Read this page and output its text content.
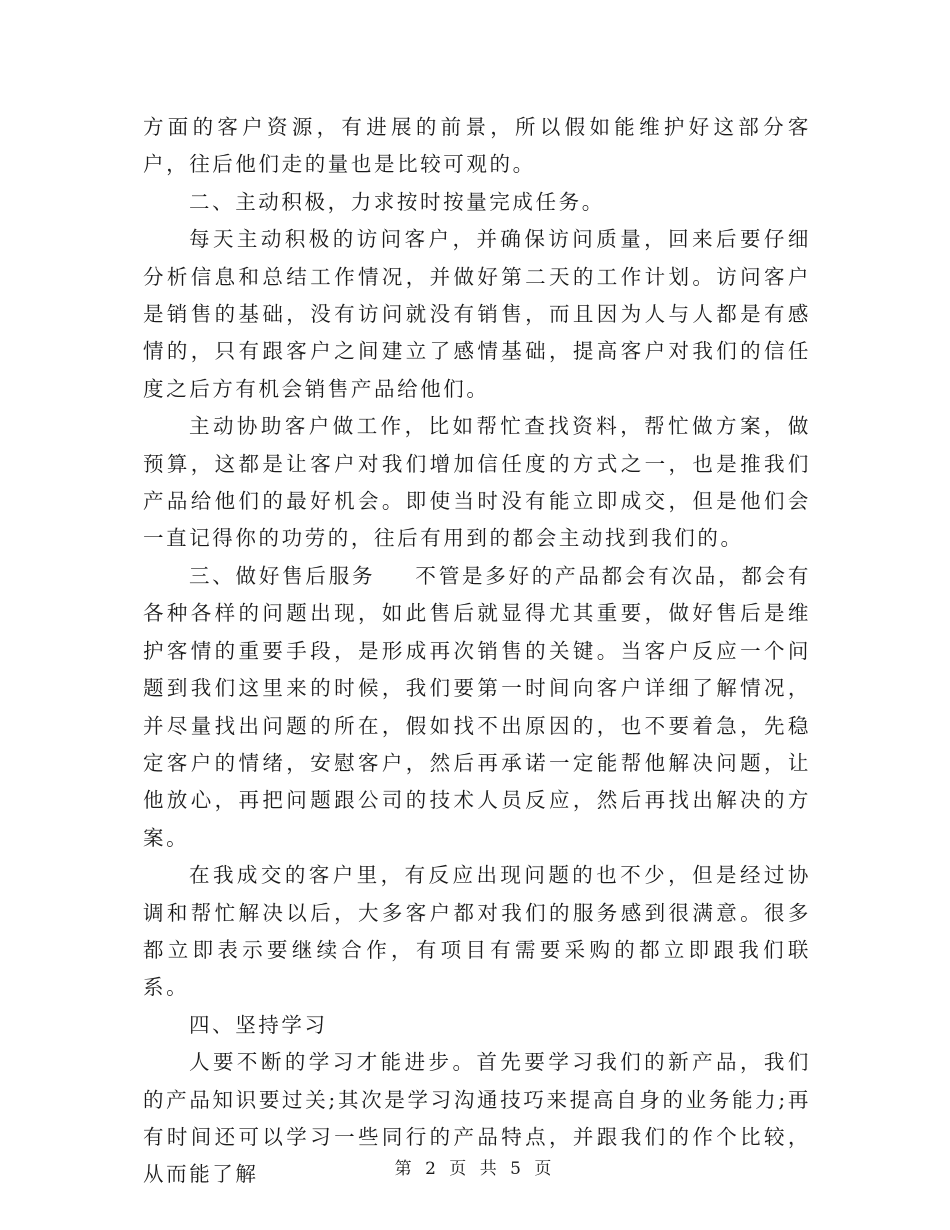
方面的客户资源，有进展的前景，所以假如能维护好这部分客户，往后他们走的量也是比较可观的。

二、主动积极，力求按时按量完成任务。

每天主动积极的访问客户，并确保访问质量，回来后要仔细分析信息和总结工作情况，并做好第二天的工作计划。访问客户是销售的基础，没有访问就没有销售，而且因为人与人都是有感情的，只有跟客户之间建立了感情基础，提高客户对我们的信任度之后方有机会销售产品给他们。

主动协助客户做工作，比如帮忙查找资料，帮忙做方案，做预算，这都是让客户对我们增加信任度的方式之一，也是推我们产品给他们的最好机会。即使当时没有能立即成交，但是他们会一直记得你的功劳的，往后有用到的都会主动找到我们的。

三、做好售后服务 不管是多好的产品都会有次品，都会有各种各样的问题出现，如此售后就显得尤其重要，做好售后是维护客情的重要手段，是形成再次销售的关键。当客户反应一个问题到我们这里来的时候，我们要第一时间向客户详细了解情况，并尽量找出问题的所在，假如找不出原因的，也不要着急，先稳定客户的情绪，安慰客户，然后再承诺一定能帮他解决问题，让他放心，再把问题跟公司的技术人员反应，然后再找出解决的方案。

在我成交的客户里，有反应出现问题的也不少，但是经过协调和帮忙解决以后，大多客户都对我们的服务感到很满意。很多都立即表示要继续合作，有项目有需要采购的都立即跟我们联系。

四、坚持学习

人要不断的学习才能进步。首先要学习我们的新产品，我们的产品知识要过关;其次是学习沟通技巧来提高自身的业务能力;再有时间还可以学习一些同行的产品特点，并跟我们的作个比较，从而能了解	第 2 页 共 5 页
